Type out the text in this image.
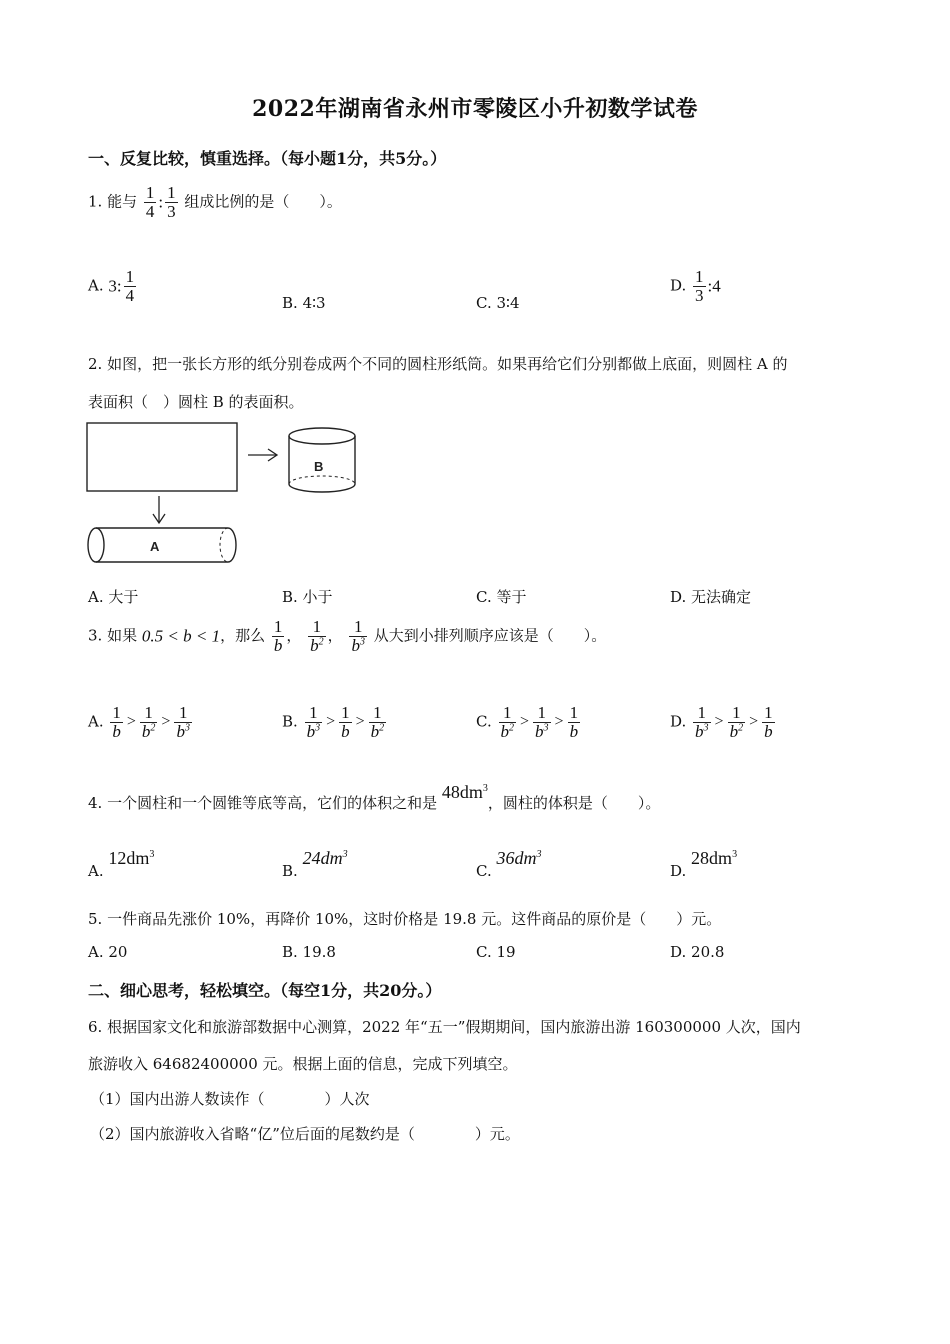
2022年湖南省永州市零陵区小升初数学试卷
一、反复比较，慎重选择。（每小题1分，共5分。）
1. 能与 $\frac{1}{4}$ : $\frac{1}{3}$ 组成比例的是（　　）。
A. 3: $\frac{1}{4}$	B. 4∶3	C. 3∶4
D. $\frac{1}{3}$ :4
2. 如图，把一张长方形的纸分别卷成两个不同的圆柱形纸筒。如果再给它们分别都做上底面，则圆柱 A 的
表面积（　）圆柱 B 的表面积。
B
A
A. 大于	B. 小于	C. 等于	D. 无法确定
3. 如果 0.5 < b < 1，那么 $\frac{1}{b}$ ， $\frac{1}{b^2}$ ， $\frac{1}{b^3}$ 从大到小排列顺序应该是（　　）。
A. $\frac{1}{b} > \frac{1}{b^2} > \frac{1}{b^3}$	B. $\frac{1}{b^3} > \frac{1}{b} > \frac{1}{b^2}$	C. $\frac{1}{b^2} > \frac{1}{b^3} > \frac{1}{b}$	D. $\frac{1}{b^3} > \frac{1}{b^2} > \frac{1}{b}$
4. 一个圆柱和一个圆锥等底等高，它们的体积之和是 $48dm^3$，圆柱的体积是（　　）。
A. $12dm^3$
B. $24dm^3$
C. $36dm^3$
D. $28dm^3$
5. 一件商品先涨价 10%，再降价 10%，这时价格是 19.8 元。这件商品的原价是（　　）元。
A. 20	B. 19.8	C. 19	D. 20.8
二、细心思考，轻松填空。（每空1分，共20分。）
6. 根据国家文化和旅游部数据中心测算，2022 年“五一”假期期间，国内旅游出游 160300000 人次，国内
旅游收入 64682400000 元。根据上面的信息，完成下列填空。
（1）国内出游人数读作（　　　　）人次
（2）国内旅游收入省略“亿”位后面的尾数约是（　　　　）元。
